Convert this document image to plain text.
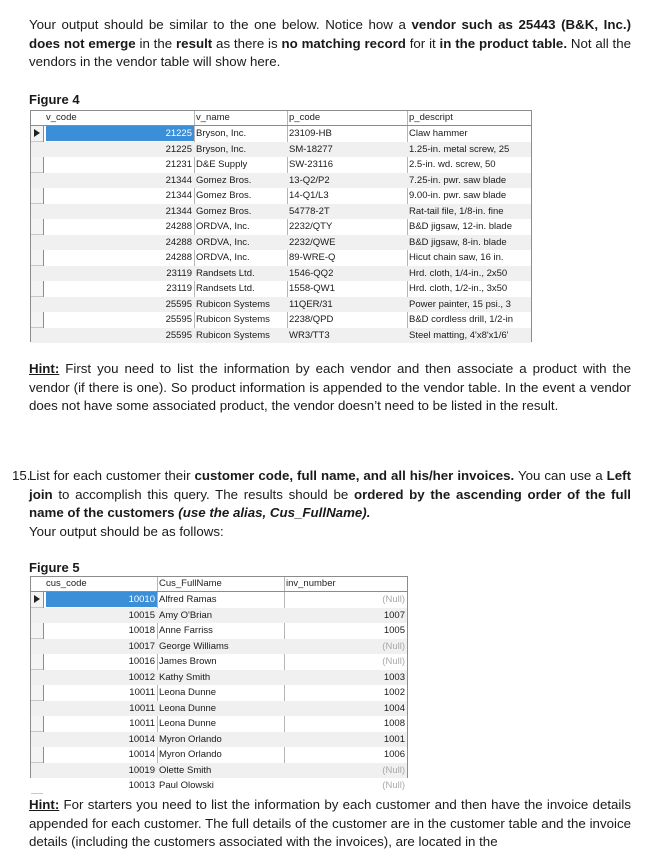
Your output should be similar to the one below. Notice how a vendor such as 25443 (B&K, Inc.) does not emerge in the result as there is no matching record for it in the product table. Not all the vendors in the vendor table will show here.

Figure 4
v_code	v_name	p_code	p_descript
21225 Bryson, Inc.	23109-HB	Claw hammer
21225 Bryson, Inc.	SM-18277	1.25-in. metal screw, 25
21231 D&E Supply	SW-23116	2.5-in. wd. screw, 50
21344 Gomez Bros.	13-Q2/P2	7.25-in. pwr. saw blade
21344 Gomez Bros.	14-Q1/L3	9.00-in. pwr. saw blade
21344 Gomez Bros.	54778-2T	Rat-tail file, 1/8-in. fine
24288 ORDVA, Inc.	2232/QTY	B&D jigsaw, 12-in. blade
24288 ORDVA, Inc.	2232/QWE	B&D jigsaw, 8-in. blade
24288 ORDVA, Inc.	89-WRE-Q	Hicut chain saw, 16 in.
23119 Randsets Ltd.	1546-QQ2	Hrd. cloth, 1/4-in., 2x50
23119 Randsets Ltd.	1558-QW1	Hrd. cloth, 1/2-in., 3x50
25595 Rubicon Systems	11QER/31	Power painter, 15 psi., 3
25595 Rubicon Systems	2238/QPD	B&D cordless drill, 1/2-in
25595 Rubicon Systems	WR3/TT3	Steel matting, 4'x8'x1/6'

Hint: First you need to list the information by each vendor and then associate a product with the vendor (if there is one). So product information is appended to the vendor table. In the event a vendor does not have some associated product, the vendor doesn’t need to be listed in the result.

15.

List for each customer their customer code, full name, and all his/her invoices. You can use a Left join to accomplish this query. The results should be ordered by the ascending order of the full name of the customers (use the alias, Cus_FullName).
Your output should be as follows:

Figure 5
cus_code	Cus_FullName	inv_number
10010 Alfred Ramas	(Null)
10015 Amy O'Brian	1007
10018 Anne Farriss	1005
10017 George Williams	(Null)
10016 James Brown	(Null)
10012 Kathy Smith	1003
10011 Leona Dunne	1002
10011 Leona Dunne	1004
10011 Leona Dunne	1008
10014 Myron Orlando	1001
10014 Myron Orlando	1006
10019 Olette Smith	(Null)
10013 Paul Olowski	(Null)

Hint: For starters you need to list the information by each customer and then have the invoice details appended for each customer. The full details of the customer are in the customer table and the invoice details (including the customers associated with the invoices), are located in the
